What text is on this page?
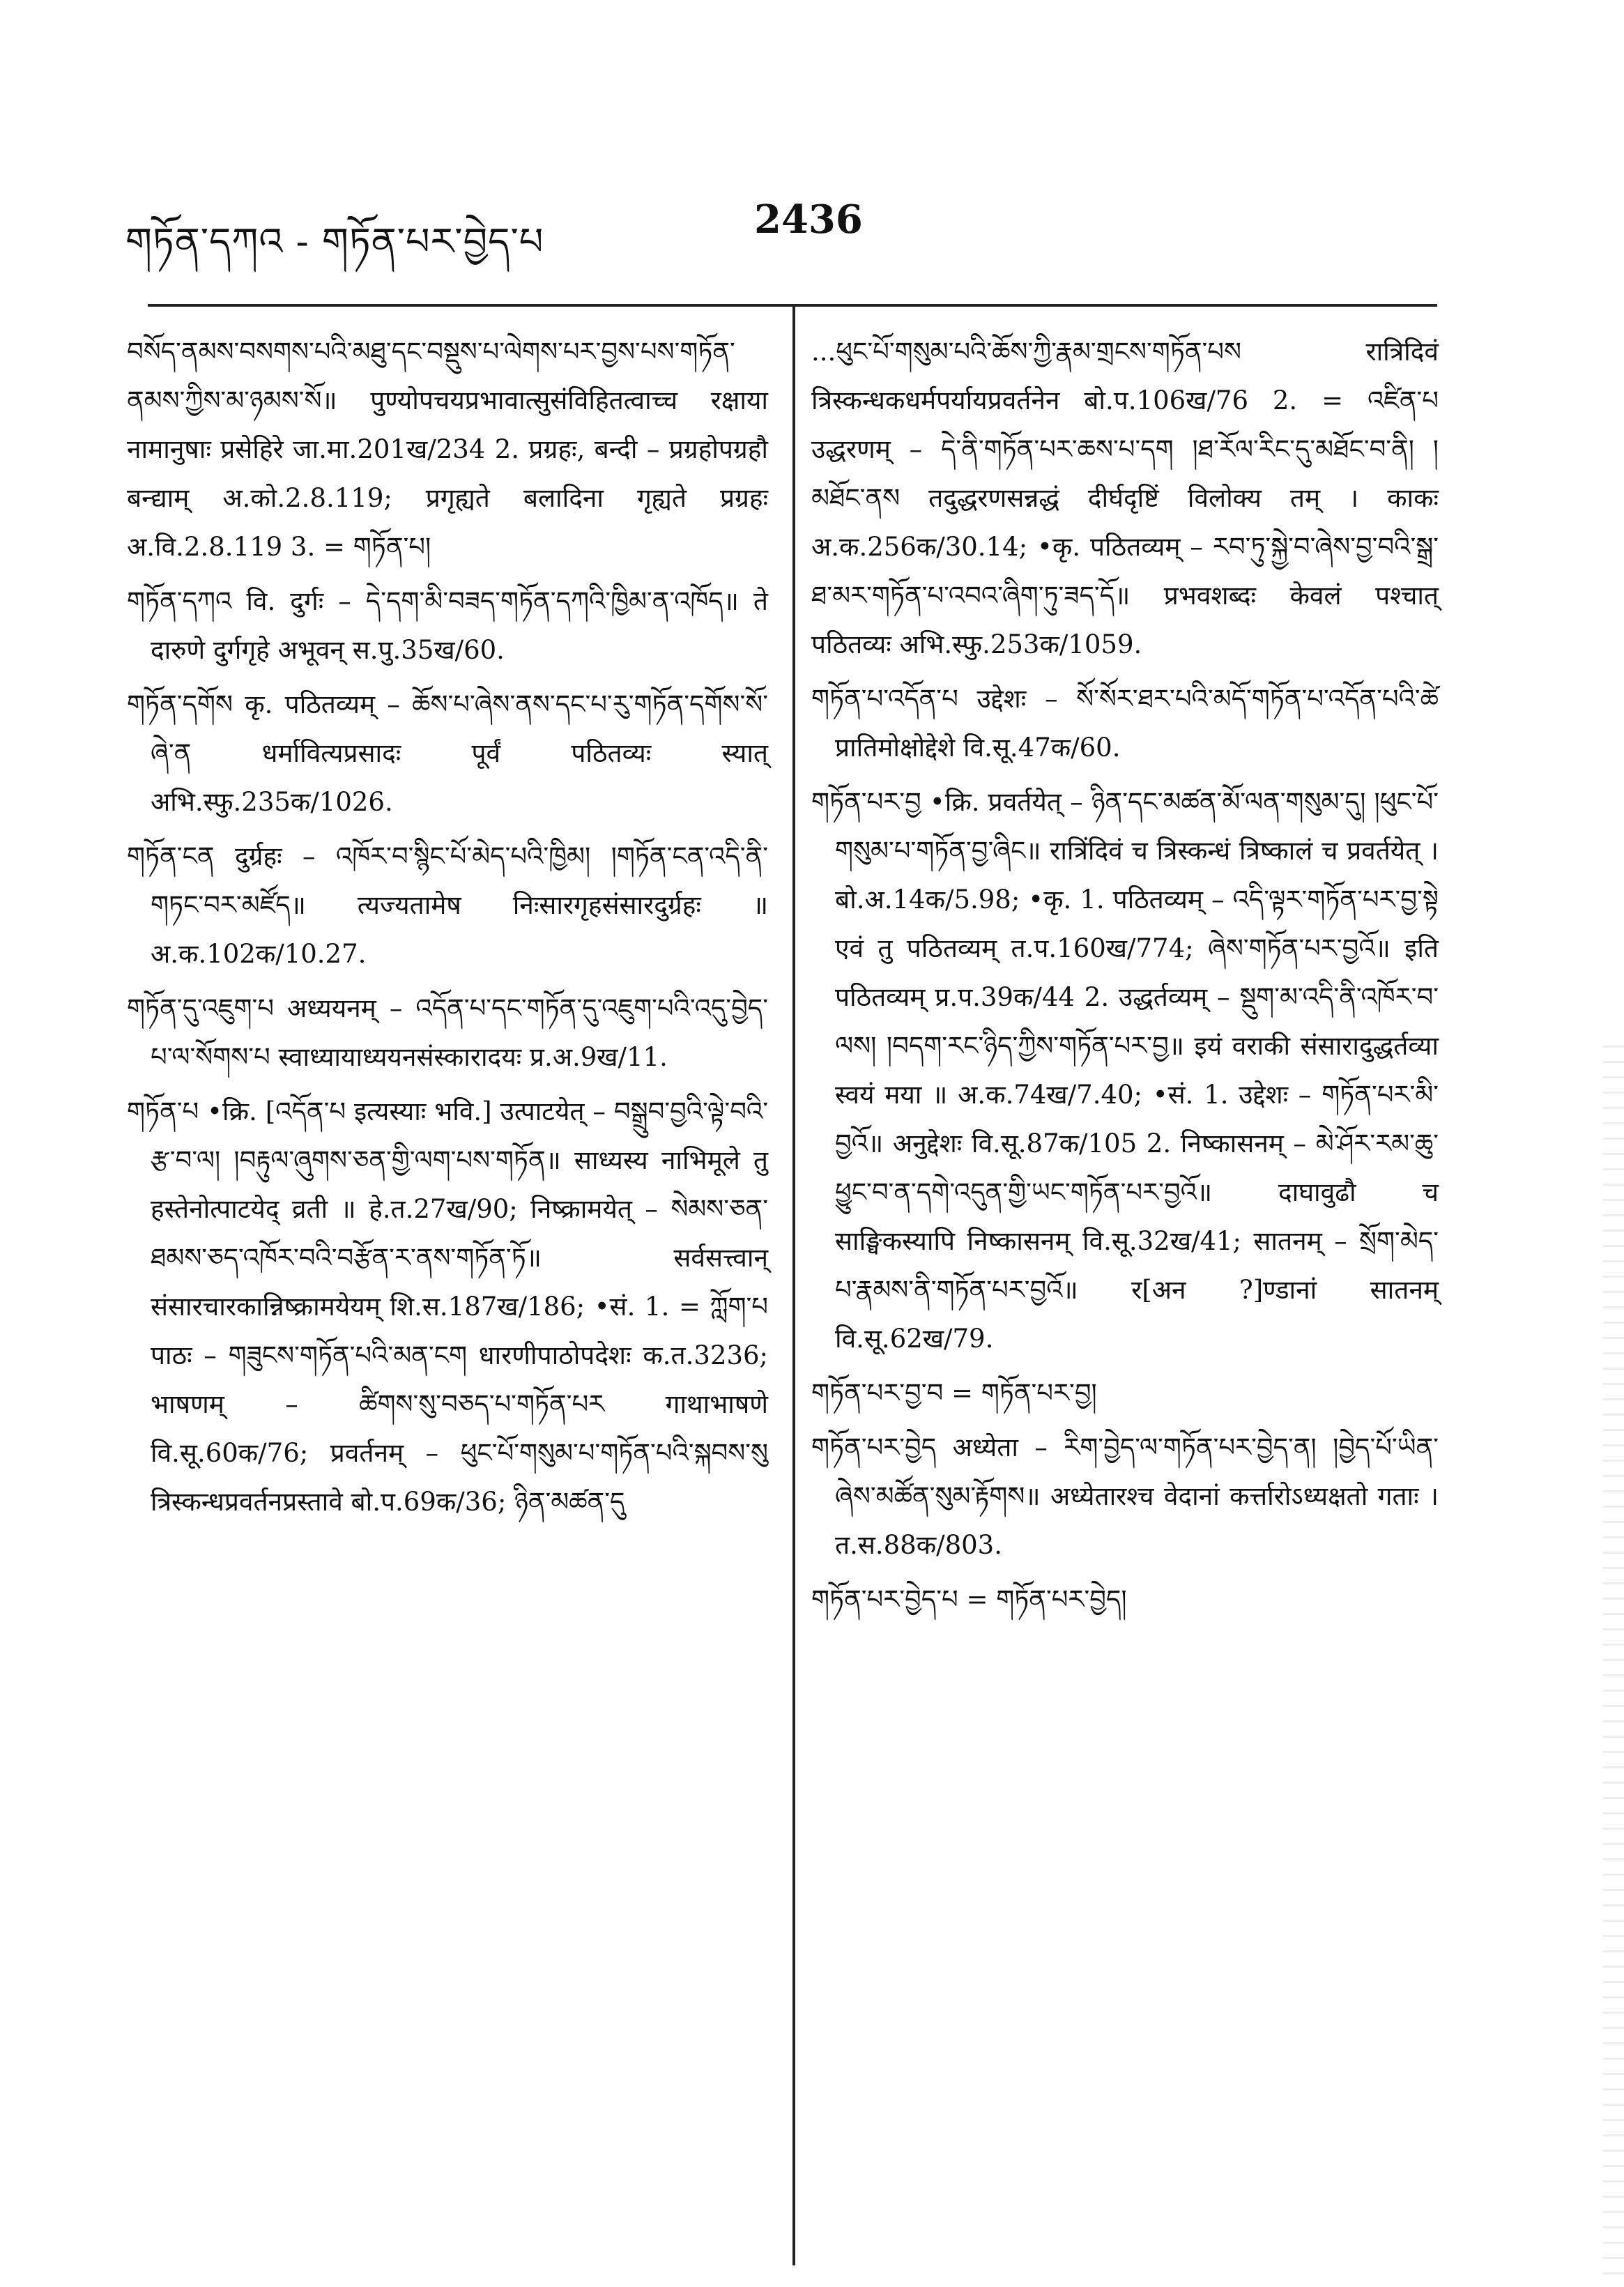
གཏོན་དཀའ - གཏོན་པར་བྱེད་པ	2436

བསོད་ནམས་བསགས་པའི་མཐུ་དང་བསྡུས་པ་ལེགས་པར་བྱས་པས་གཏོན་ནམས་ཀྱིས་མ་ཉམས་སོ॥ पुण्योपचयप्रभावात्सुसंविहितत्वाच्च रक्षाया नामानुषाः प्रसेहिरे जा.मा.201ख/234 2. प्रग्रहः, बन्दी – प्रग्रहोपग्रहौ बन्द्याम् अ.को.2.8.119; प्रगृह्यते बलादिना गृह्यते प्रग्रहः अ.वि.2.8.119 3. = གཏོན་པ།

གཏོན་དཀའ वि. दुर्गः – དེ་དག་མི་བཟད་གཏོན་དཀའི་ཁྱིམ་ན་འཁོད॥ ते दारुणे दुर्गगृहे अभूवन् स.पु.35ख/60.

གཏོན་དགོས कृ. पठितव्यम् – ཆོས་པ་ཞེས་ནས་དང་པ་རུ་གཏོན་དགོས་སོ་ཞེ་ན धर्मावित्यप्रसादः पूर्वं पठितव्यः स्यात् अभि.स्फु.235क/1026.

གཏོན་ངན दुर्ग्रहः – འཁོར་བ་སྙིང་པོ་མེད་པའི་ཁྱིམ། །གཏོན་ངན་འདི་ནི་གཏང་བར་མཛོད॥ त्यज्यतामेष निःसारगृहसंसारदुर्ग्रहः ॥ अ.क.102क/10.27.

གཏོན་དུ་འཇུག་པ अध्ययनम् – འདོན་པ་དང་གཏོན་དུ་འཇུག་པའི་འདུ་བྱེད་པ་ལ་སོགས་པ स्वाध्यायाध्ययनसंस्कारादयः प्र.अ.9ख/11.

གཏོན་པ •क्रि. [འདོན་པ इत्यस्याः भवि.] उत्पाटयेत् – བསྒྲུབ་བྱའི་ལྟེ་བའི་རྩ་བ་ལ། །བརྟུལ་ཞུགས་ཅན་གྱི་ལག་པས་གཏོན॥ साध्यस्य नाभिमूले तु हस्तेनोत्पाटयेद् व्रती ॥ हे.त.27ख/90; निष्क्रामयेत् – སེམས་ཅན་ཐམས་ཅད་འཁོར་བའི་བརྩོན་ར་ནས་གཏོན་ཏོ॥ सर्वसत्त्वान् संसारचारकान्निष्क्रामयेयम् शि.स.187ख/186; •सं. 1. = ཀློག་པ पाठः – གཟུངས་གཏོན་པའི་མན་ངག धारणीपाठोपदेशः क.त.3236; भाषणम् – ཚིགས་སུ་བཅད་པ་གཏོན་པར गाथाभाषणे वि.सू.60क/76; प्रवर्तनम् – ཕུང་པོ་གསུམ་པ་གཏོན་པའི་སྐབས་སུ त्रिस्कन्धप्रवर्तनप्रस्तावे बो.प.69क/36; ཉིན་མཚན་དུ

...ཕུང་པོ་གསུམ་པའི་ཆོས་ཀྱི་རྣམ་གྲངས་གཏོན་པས रात्रिदिवं त्रिस्कन्धकधर्मपर्यायप्रवर्तनेन बो.प.106ख/76 2. = འཛིན་པ उद्धरणम् – དེ་ནི་གཏོན་པར་ཆས་པ་དག །ཐ་རོལ་རིང་དུ་མཐོང་བ་ནི། །མཐོང་ནས तदुद्धरणसन्नद्धं दीर्घदृष्टिं विलोक्य तम् । काकः अ.क.256क/30.14; •कृ. पठितव्यम् – རབ་ཏུ་སྐྱེ་བ་ཞེས་བྱ་བའི་སྒྲ་ཐ་མར་གཏོན་པ་འབའ་ཞིག་ཏུ་ཟད་དོ॥ प्रभवशब्दः केवलं पश्चात् पठितव्यः अभि.स्फु.253क/1059.

གཏོན་པ་འདོན་པ उद्देशः – སོ་སོར་ཐར་པའི་མདོ་གཏོན་པ་འདོན་པའི་ཚེ प्रातिमोक्षोद्देशे वि.सू.47क/60.

གཏོན་པར་བྱ •क्रि. प्रवर्तयेत् – ཉིན་དང་མཚན་མོ་ལན་གསུམ་དུ། །ཕུང་པོ་གསུམ་པ་གཏོན་བྱ་ཞིང॥ रात्रिंदिवं च त्रिस्कन्धं त्रिष्कालं च प्रवर्तयेत् । बो.अ.14क/5.98; •कृ. 1. पठितव्यम् – འདི་ལྟར་གཏོན་པར་བྱ་སྟེ एवं तु पठितव्यम् त.प.160ख/774; ཞེས་གཏོན་པར་བྱའོ॥ इति पठितव्यम् प्र.प.39क/44 2. उद्धर्तव्यम् – སྡུག་མ་འདི་ནི་འཁོར་བ་ལས། །བདག་རང་ཉིད་ཀྱིས་གཏོན་པར་བྱ॥ इयं वराकी संसारादुद्धर्तव्या स्वयं मया ॥ अ.क.74ख/7.40; •सं. 1. उद्देशः – གཏོན་པར་མི་བྱའོ॥ अनुद्देशः वि.सू.87क/105 2. निष्कासनम् – མེ་ཤོར་རམ་ཆུ་ཕྱུང་བ་ན་དགེ་འདུན་གྱི་ཡང་གཏོན་པར་བྱའོ॥ दाघावुढौ च साङ्घिकस्यापि निष्कासनम् वि.सू.32ख/41; सातनम् – སྲོག་མེད་པ་རྣམས་ནི་གཏོན་པར་བྱའོ॥ र[अन ?]ण्डानां सातनम् वि.सू.62ख/79.

གཏོན་པར་བྱ་བ = གཏོན་པར་བྱ།

གཏོན་པར་བྱེད अध्येता – རིག་བྱེད་ལ་གཏོན་པར་བྱེད་ན། །བྱེད་པོ་ཡིན་ཞེས་མཚོན་སུམ་རྟོགས॥ अध्येतारश्च वेदानां कर्त्तारोऽध्यक्षतो गताः । त.स.88क/803.

གཏོན་པར་བྱེད་པ = གཏོན་པར་བྱེད།
